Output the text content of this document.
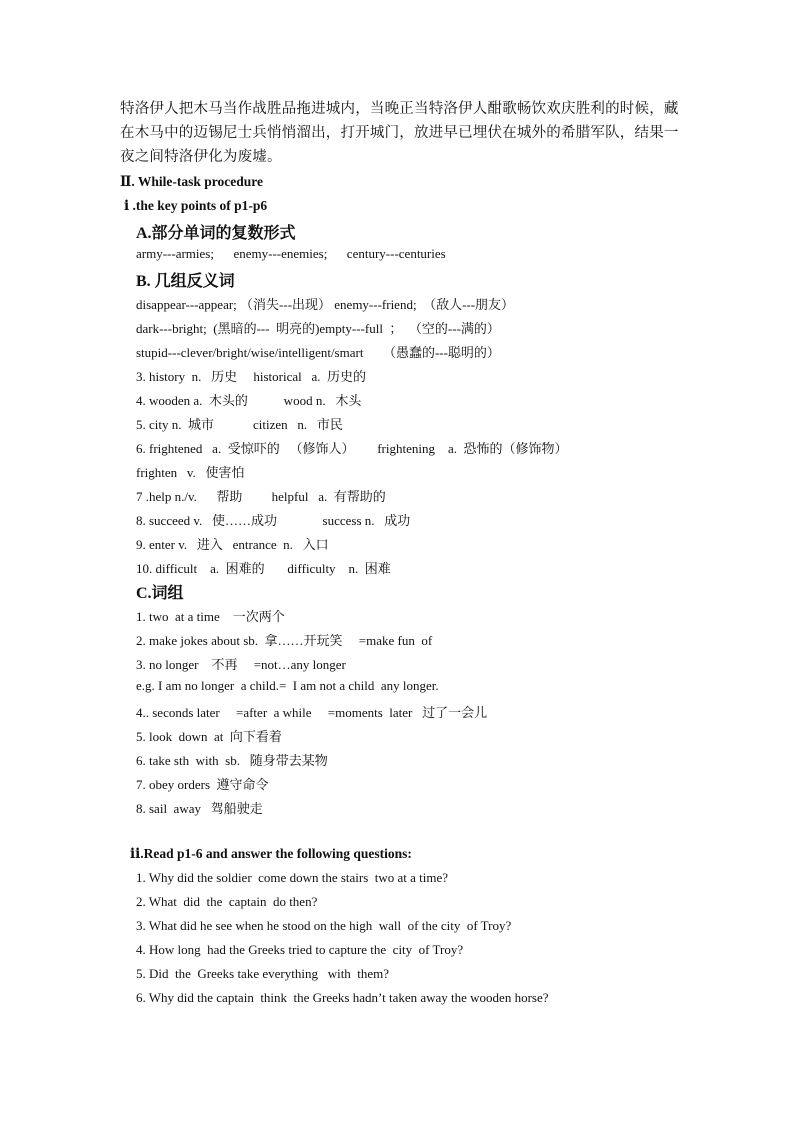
特洛伊人把木马当作战胜品拖进城内，当晚正当特洛伊人酣歌畅饮欢庆胜利的时候，藏在木马中的迈锡尼士兵悄悄溜出，打开城门，放进早已埋伏在城外的希腊军队，结果一夜之间特洛伊化为废墟。
Ⅱ. While-task procedure
ⅰ .the key points of p1-p6
A.部分单词的复数形式
army---armies;      enemy---enemies;      century---centuries
B. 几组反义词
disappear---appear; （消失---出现） enemy---friend;  （敌人---朋友）
dark---bright;  (黑暗的---  明亮的)empty---full  ；  （空的---满的）
stupid---clever/bright/wise/intelligent/smart      （愚蠢的---聪明的）
3. history  n.   历史     historical   a.  历史的
4. wooden a.  木头的           wood n.   木头
5. city n.  城市            citizen   n.   市民
6. frightened   a.  受惊吓的   （修饰人）       frightening    a.  恐怖的（修饰物）
frighten   v.   使害怕
7 .help n./v.      帮助         helpful   a.  有帮助的
8. succeed v.   使……成功              success n.   成功
9. enter v.   进入   entrance  n.   入口
10. difficult    a.  困难的       difficulty    n.  困难
C.词组
1. two  at a time    一次两个
2. make jokes about sb.  拿……开玩笑     =make fun  of
3. no longer    不再     =not…any longer
e.g. I am no longer  a child.=  I am not a child  any longer.
4.. seconds later     =after  a while     =moments  later   过了一会儿
5. look  down  at  向下看着
6. take sth  with  sb.   随身带去某物
7. obey orders  遵守命令
8. sail  away   驾船驶走
ⅱ.Read p1-6 and answer the following questions:
1. Why did the soldier  come down the stairs  two at a time?
2. What  did  the  captain  do then?
3. What did he see when he stood on the high  wall  of the city  of Troy?
4. How long  had the Greeks tried to capture the  city  of Troy?
5. Did  the  Greeks take everything   with  them?
6. Why did the captain  think  the Greeks hadn’t taken away the wooden horse?
